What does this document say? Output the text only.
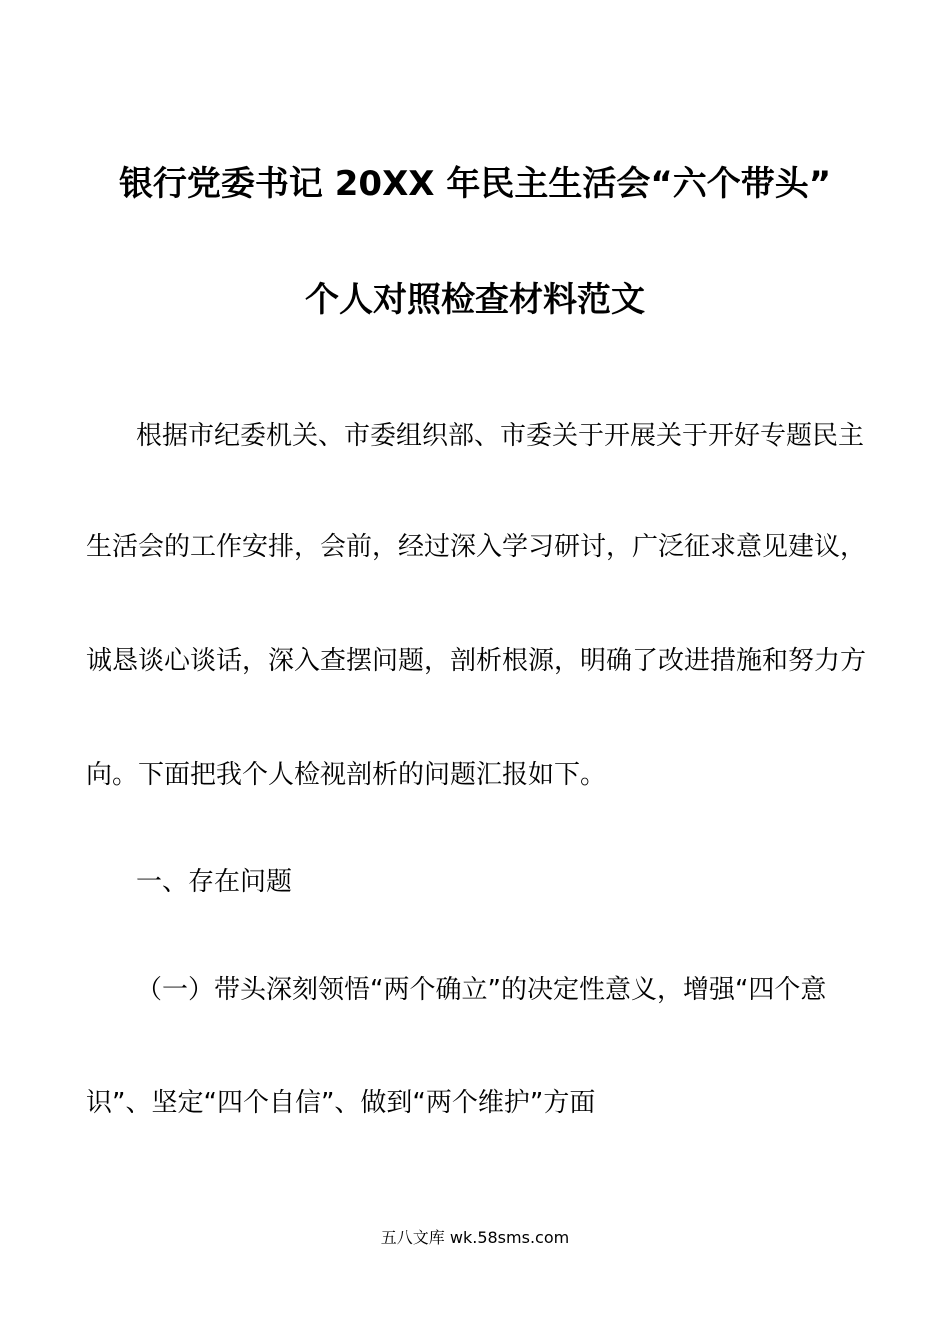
银行党委书记 20XX 年民主生活会“六个带头”
个人对照检查材料范文
根据市纪委机关、市委组织部、市委关于开展关于开好专题民主
生活会的工作安排，会前，经过深入学习研讨，广泛征求意见建议，
诚恳谈心谈话，深入查摆问题，剖析根源，明确了改进措施和努力方
向。下面把我个人检视剖析的问题汇报如下。
一、存在问题
（一）带头深刻领悟“两个确立”的决定性意义，增强“四个意
识”、坚定“四个自信”、做到“两个维护”方面
五八文库 wk.58sms.com
